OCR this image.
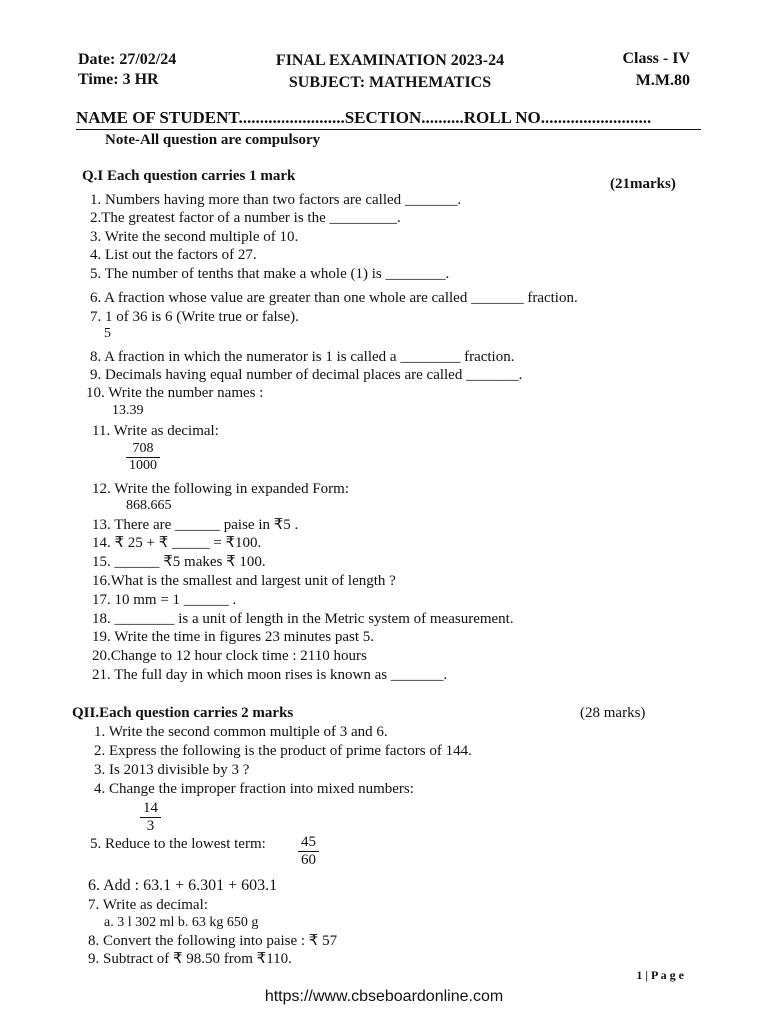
Date: 27/02/24
Time: 3 HR
FINAL EXAMINATION 2023-24
SUBJECT: MATHEMATICS
Class - IV
M.M.80
NAME OF STUDENT.........................SECTION..........ROLL NO..........................
Note-All question are compulsory
Q.I Each question carries 1 mark	(21marks)
1. Numbers having more than two factors are called _______.
2.The greatest factor of a number is the _________.
3. Write the second multiple of 10.
4. List out the factors of 27.
5. The number of tenths that make a whole (1) is ________.
6. A fraction whose value are greater than one whole are called _______ fraction.
7. 1 of 36 is 6 (Write true or false).
5
8. A fraction in which the numerator is 1 is called a ________ fraction.
9. Decimals having equal number of decimal places are called _______.
10. Write the number names :
13.39
11. Write as decimal:
$\frac{708}{1000}$
12. Write the following in expanded Form:
868.665
13. There are ______ paise in ₹5 .
14. ₹ 25 + ₹ _____ = ₹100.
15. ______ ₹5 makes ₹ 100.
16.What is the smallest and largest unit of length ?
17. 10 mm = 1 ______ .
18. ________ is a unit of length in the Metric system of measurement.
19. Write the time in figures 23 minutes past 5.
20.Change to 12 hour clock time : 2110 hours
21. The full day in which moon rises is known as _______.
QII.Each question carries 2 marks	(28 marks)
1. Write the second common multiple of 3 and 6.
2. Express the following is the product of prime factors of 144.
3. Is 2013 divisible by 3 ?
4. Change the improper fraction into mixed numbers:
$\frac{14}{3}$
5. Reduce to the lowest term: $\frac{45}{60}$
6. Add : 63.1 + 6.301 + 603.1
7. Write as decimal:
a. 3 l 302 ml b. 63 kg 650 g
8. Convert the following into paise : ₹ 57
9. Subtract of ₹ 98.50 from ₹110.
1 | P a g e
https://www.cbseboardonline.com
